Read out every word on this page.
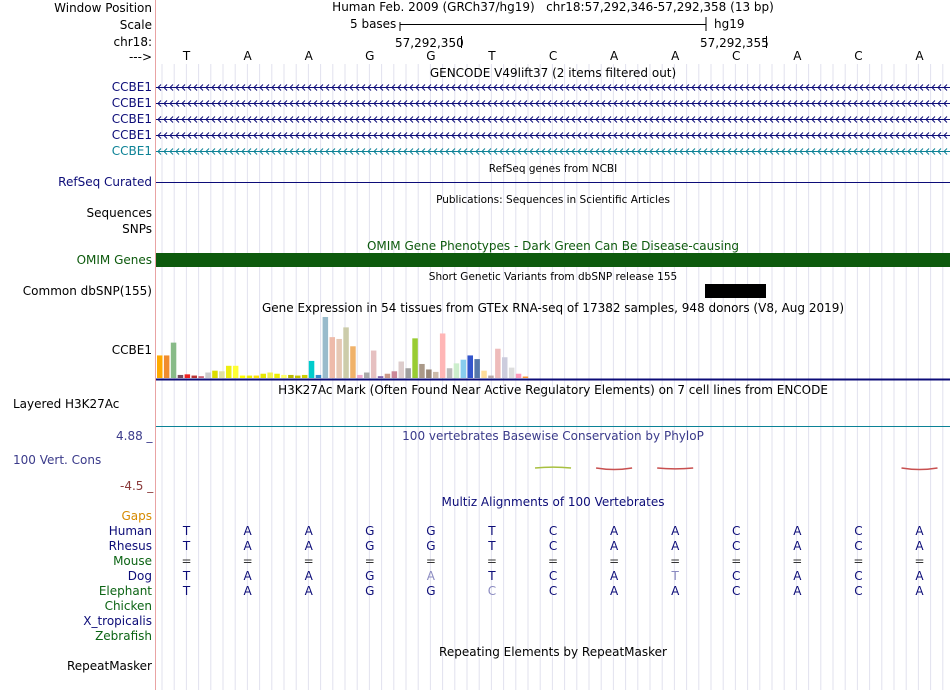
Window Position
Scale
chr18:
--->
Human Feb. 2009 (GRCh37/hg19)   chr18:57,292,346-57,292,358 (13 bp)
5 bases	hg19
57,292,350	57,292,355
T	A	A	G	G	T	C	A	A	C	A	C	A
GENCODE V49lift37 (2 items filtered out)
CCBE1
CCBE1
CCBE1
CCBE1
CCBE1
RefSeq genes from NCBI
RefSeq Curated
Publications: Sequences in Scientific Articles
Sequences
SNPs
OMIM Gene Phenotypes - Dark Green Can Be Disease-causing
OMIM Genes
Short Genetic Variants from dbSNP release 155
Common dbSNP(155)
Gene Expression in 54 tissues from GTEx RNA-seq of 17382 samples, 948 donors (V8, Aug 2019)
CCBE1
H3K27Ac Mark (Often Found Near Active Regulatory Elements) on 7 cell lines from ENCODE
Layered H3K27Ac
4.88 _	100 vertebrates Basewise Conservation by PhyloP
100 Vert. Cons
-4.5 _
Multiz Alignments of 100 Vertebrates
Gaps
Human	T	A	A	G	G	T	C	A	A	C	A	C	A
Rhesus	T	A	A	G	G	T	C	A	A	C	A	C	A
Mouse	=	=	=	=	=	=	=	=	=	=	=	=	=
Dog	T	A	A	G	A	T	C	A	T	C	A	C	A
Elephant	T	A	A	G	G	C	C	A	A	C	A	C	A
Chicken
X_tropicalis
Zebrafish
Repeating Elements by RepeatMasker
RepeatMasker
